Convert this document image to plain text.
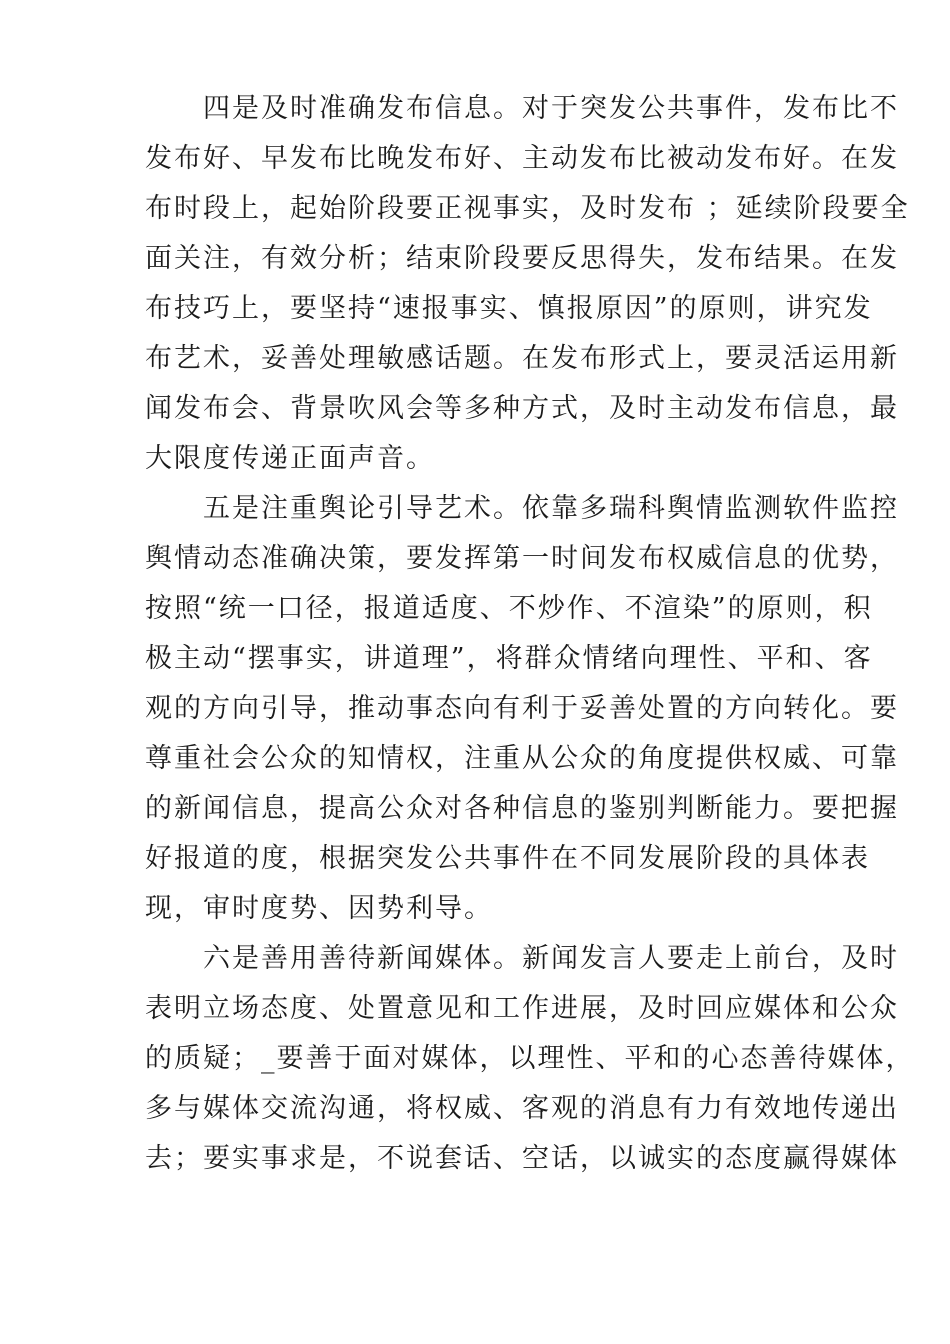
　　四是及时准确发布信息。对于突发公共事件，发布比不
发布好、早发布比晚发布好、主动发布比被动发布好。在发
布时段上，起始阶段要正视事实，及时发布 ；延续阶段要全
面关注，有效分析；结束阶段要反思得失，发布结果。在发
布技巧上，要坚持“速报事实、慎报原因”的原则，讲究发
布艺术，妥善处理敏感话题。在发布形式上，要灵活运用新
闻发布会、背景吹风会等多种方式，及时主动发布信息，最
大限度传递正面声音。
　　五是注重舆论引导艺术。依靠多瑞科舆情监测软件监控
舆情动态准确决策，要发挥第一时间发布权威信息的优势，
按照“统一口径，报道适度、不炒作、不渲染”的原则，积
极主动“摆事实，讲道理”，将群众情绪向理性、平和、客
观的方向引导，推动事态向有利于妥善处置的方向转化。要
尊重社会公众的知情权，注重从公众的角度提供权威、可靠
的新闻信息，提高公众对各种信息的鉴别判断能力。要把握
好报道的度，根据突发公共事件在不同发展阶段的具体表
现，审时度势、因势利导。
　　六是善用善待新闻媒体。新闻发言人要走上前台，及时
表明立场态度、处置意见和工作进展，及时回应媒体和公众
的质疑；_要善于面对媒体，以理性、平和的心态善待媒体，
多与媒体交流沟通，将权威、客观的消息有力有效地传递出
去；要实事求是，不说套话、空话，以诚实的态度赢得媒体
